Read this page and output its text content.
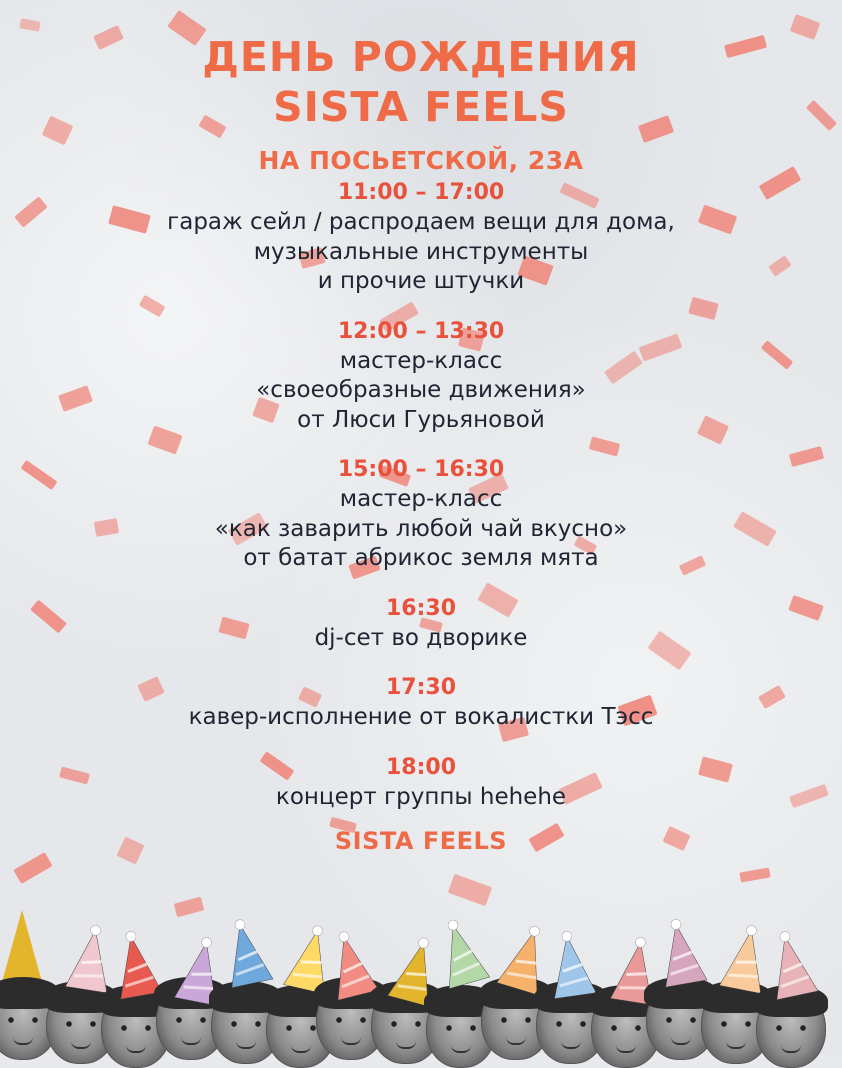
ДЕНЬ РОЖДЕНИЯ
SISTA FEELS
НА ПОСЬЕТСКОЙ, 23А
11:00 – 17:00
гараж сейл / распродаем вещи для дома,
музыкальные инструменты
и прочие штучки
12:00 – 13:30
мастер-класс
«своеобразные движения»
от Люси Гурьяновой
15:00 – 16:30
мастер-класс
«как заварить любой чай вкусно»
от батат абрикос земля мята
16:30
dj-сет во дворике
17:30
кавер-исполнение от вокалистки Тэсс
18:00
концерт группы hehehe
SISTA FEELS
